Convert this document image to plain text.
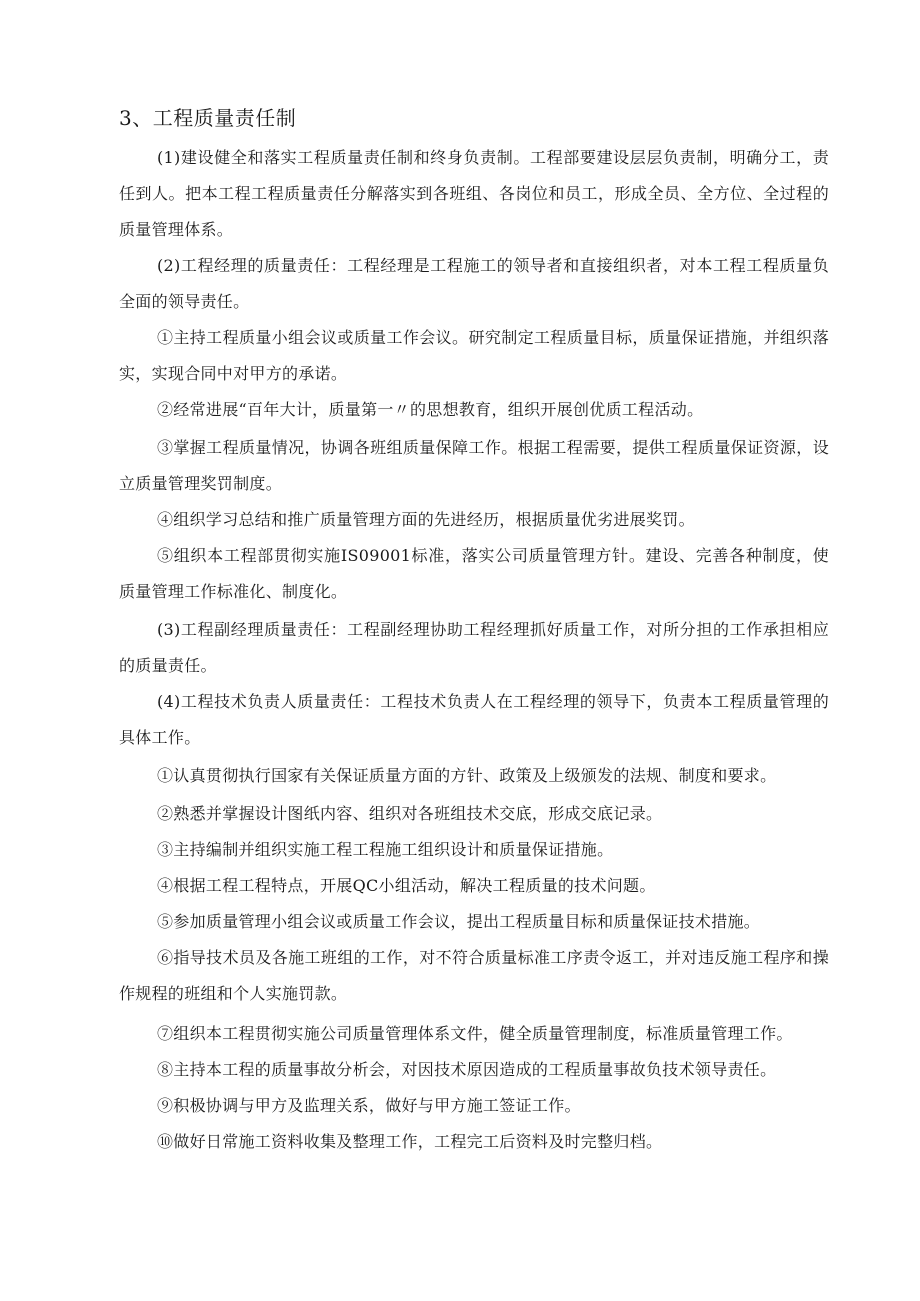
3、工程质量责任制
(1)建设健全和落实工程质量责任制和终身负责制。工程部要建设层层负责制，明确分工，责任到人。把本工程工程质量责任分解落实到各班组、各岗位和员工，形成全员、全方位、全过程的质量管理体系。
(2)工程经理的质量责任：工程经理是工程施工的领导者和直接组织者，对本工程工程质量负全面的领导责任。
①主持工程质量小组会议或质量工作会议。研究制定工程质量目标，质量保证措施，并组织落实，实现合同中对甲方的承诺。
②经常进展“百年大计，质量第一〃的思想教育，组织开展创优质工程活动。
③掌握工程质量情况，协调各班组质量保障工作。根据工程需要，提供工程质量保证资源，设立质量管理奖罚制度。
④组织学习总结和推广质量管理方面的先进经历，根据质量优劣进展奖罚。
⑤组织本工程部贯彻实施IS09001标准，落实公司质量管理方针。建设、完善各种制度，使质量管理工作标准化、制度化。
(3)工程副经理质量责任：工程副经理协助工程经理抓好质量工作，对所分担的工作承担相应的质量责任。
(4)工程技术负责人质量责任：工程技术负责人在工程经理的领导下，负责本工程质量管理的具体工作。
①认真贯彻执行国家有关保证质量方面的方针、政策及上级颁发的法规、制度和要求。
②熟悉并掌握设计图纸内容、组织对各班组技术交底，形成交底记录。
③主持编制并组织实施工程工程施工组织设计和质量保证措施。
④根据工程工程特点，开展QC小组活动，解决工程质量的技术问题。
⑤参加质量管理小组会议或质量工作会议，提出工程质量目标和质量保证技术措施。
⑥指导技术员及各施工班组的工作，对不符合质量标准工序责令返工，并对违反施工程序和操作规程的班组和个人实施罚款。
⑦组织本工程贯彻实施公司质量管理体系文件，健全质量管理制度，标准质量管理工作。
⑧主持本工程的质量事故分析会，对因技术原因造成的工程质量事故负技术领导责任。
⑨积极协调与甲方及监理关系，做好与甲方施工签证工作。
⑩做好日常施工资料收集及整理工作，工程完工后资料及时完整归档。
